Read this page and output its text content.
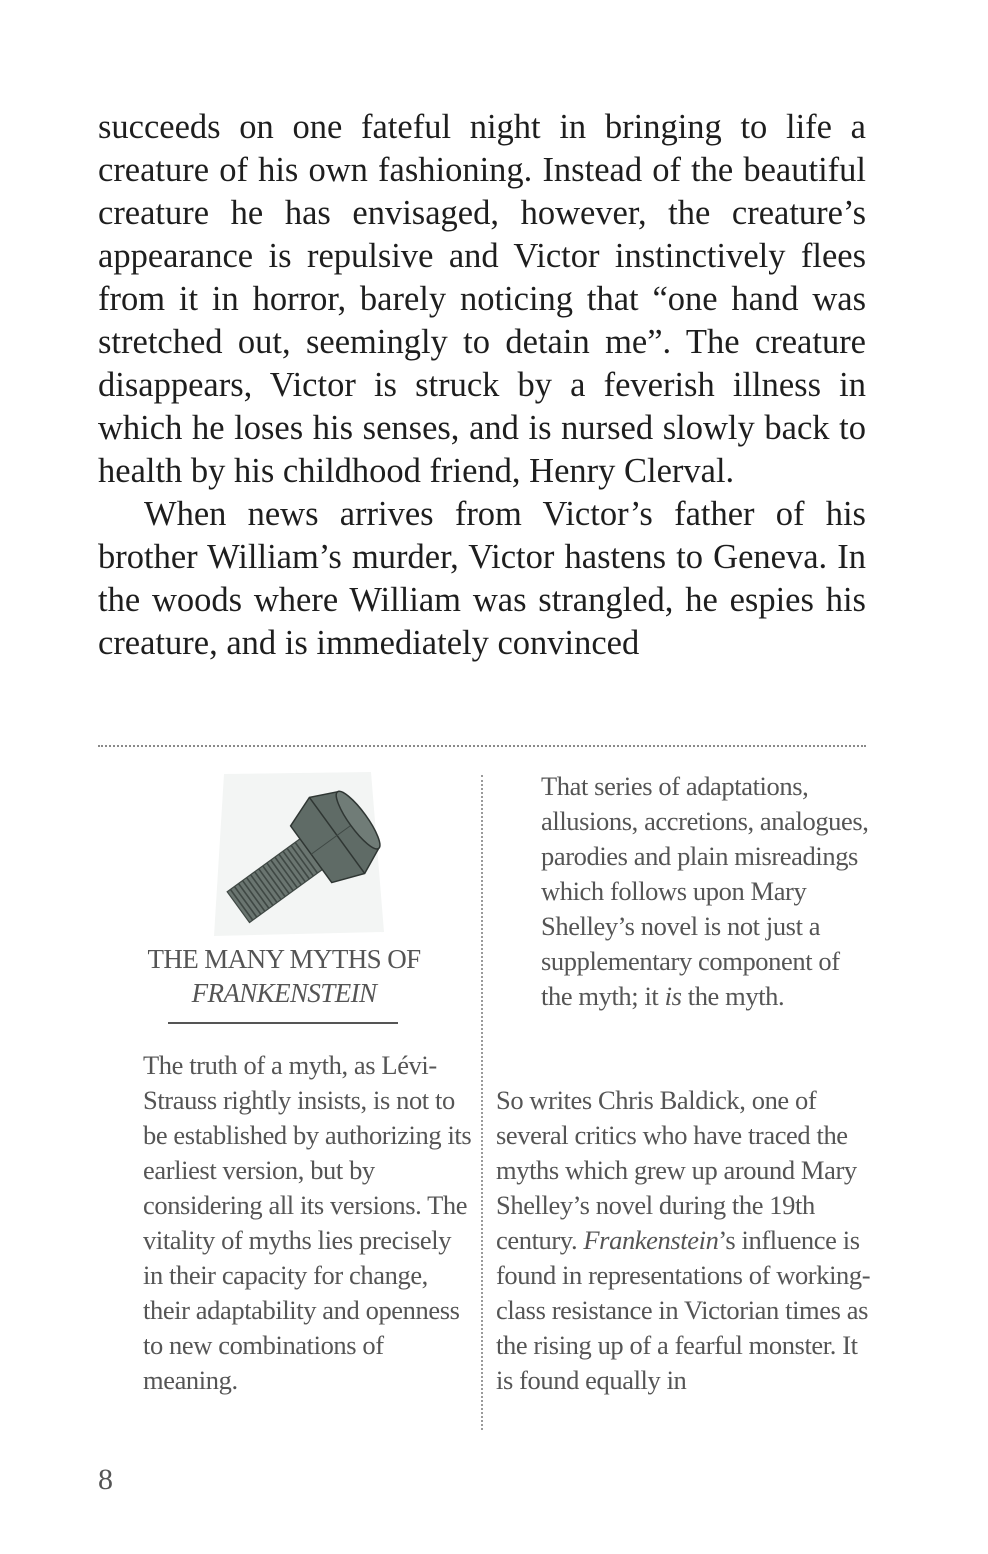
succeeds on one fateful night in bringing to life a creature of his own fashioning. Instead of the beautiful creature he has envisaged, however, the creature’s appearance is repulsive and Victor instinctively flees from it in horror, barely noticing that “one hand was stretched out, seemingly to detain me”. The creature disappears, Victor is struck by a feverish illness in which he loses his senses, and is nursed slowly back to health by his childhood friend, Henry Clerval.

When news arrives from Victor’s father of his brother William’s murder, Victor hastens to Geneva. In the woods where William was strangled, he espies his creature, and is immediately convinced

THE MANY MYTHS OF
FRANKENSTEIN

The truth of a myth, as Lévi-Strauss rightly insists, is not to be established by authorizing its earliest version, but by considering all its versions. The vitality of myths lies precisely in their capacity for change, their adaptability and openness to new combinations of meaning.

That series of adaptations, allusions, accretions, analogues, parodies and plain misreadings which follows upon Mary Shelley’s novel is not just a supplementary component of the myth; it is the myth.

So writes Chris Baldick, one of several critics who have traced the myths which grew up around Mary Shelley’s novel during the 19th century. Frankenstein’s influence is found in representations of working-class resistance in Victorian times as the rising up of a fearful monster. It is found equally in

8
